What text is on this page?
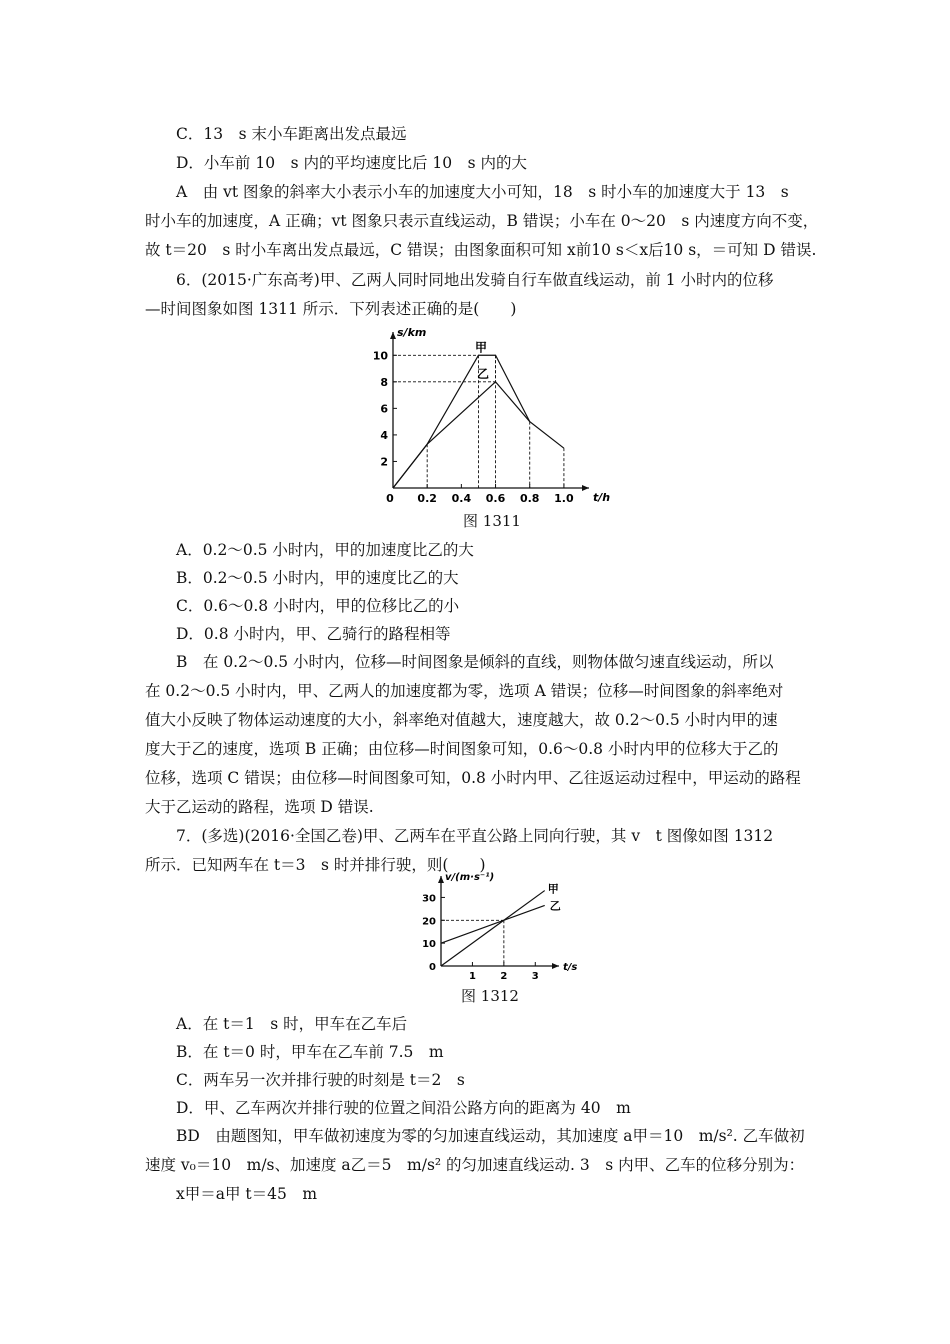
C．13　s 末小车距离出发点最远
D．小车前 10　s 内的平均速度比后 10　s 内的大
A　由 vt 图象的斜率大小表示小车的加速度大小可知，18　s 时小车的加速度大于 13　s
时小车的加速度，A 正确；vt 图象只表示直线运动，B 错误；小车在 0～20　s 内速度方向不变，
故 t＝20　s 时小车离出发点最远，C 错误；由图象面积可知 x前10 s＜x后10 s，＝可知 D 错误.
6．(2015·广东高考)甲、乙两人同时同地出发骑自行车做直线运动，前 1 小时内的位移
—时间图象如图 1311 所示．下列表述正确的是(　　)
t/h
s/km
0 0.2 0.4 0.6 0.8 1.0
2
4
6
8
10
甲
乙
图 1311
A．0.2～0.5 小时内，甲的加速度比乙的大
B．0.2～0.5 小时内，甲的速度比乙的大
C．0.6～0.8 小时内，甲的位移比乙的小
D．0.8 小时内，甲、乙骑行的路程相等
B　在 0.2～0.5 小时内，位移—时间图象是倾斜的直线，则物体做匀速直线运动，所以
在 0.2～0.5 小时内，甲、乙两人的加速度都为零，选项 A 错误；位移—时间图象的斜率绝对
值大小反映了物体运动速度的大小，斜率绝对值越大，速度越大，故 0.2～0.5 小时内甲的速
度大于乙的速度，选项 B 正确；由位移—时间图象可知，0.6～0.8 小时内甲的位移大于乙的
位移，选项 C 错误；由位移—时间图象可知，0.8 小时内甲、乙往返运动过程中，甲运动的路程
大于乙运动的路程，选项 D 错误.
7．(多选)(2016·全国乙卷)甲、乙两车在平直公路上同向行驶，其 v　t 图像如图 1312
所示．已知两车在 t＝3　s 时并排行驶，则(　　)
t/s
v/(m·s⁻¹)
1 2 3
10
20
30
0
甲
乙
图 1312
A．在 t＝1　s 时，甲车在乙车后
B．在 t＝0 时，甲车在乙车前 7.5　m
C．两车另一次并排行驶的时刻是 t＝2　s
D．甲、乙车两次并排行驶的位置之间沿公路方向的距离为 40　m
BD　由题图知，甲车做初速度为零的匀加速直线运动，其加速度 a甲＝10　m/s². 乙车做初
速度 v₀＝10　m/s、加速度 a乙＝5　m/s² 的匀加速直线运动. 3　s 内甲、乙车的位移分别为：
x甲＝a甲 t＝45　m
